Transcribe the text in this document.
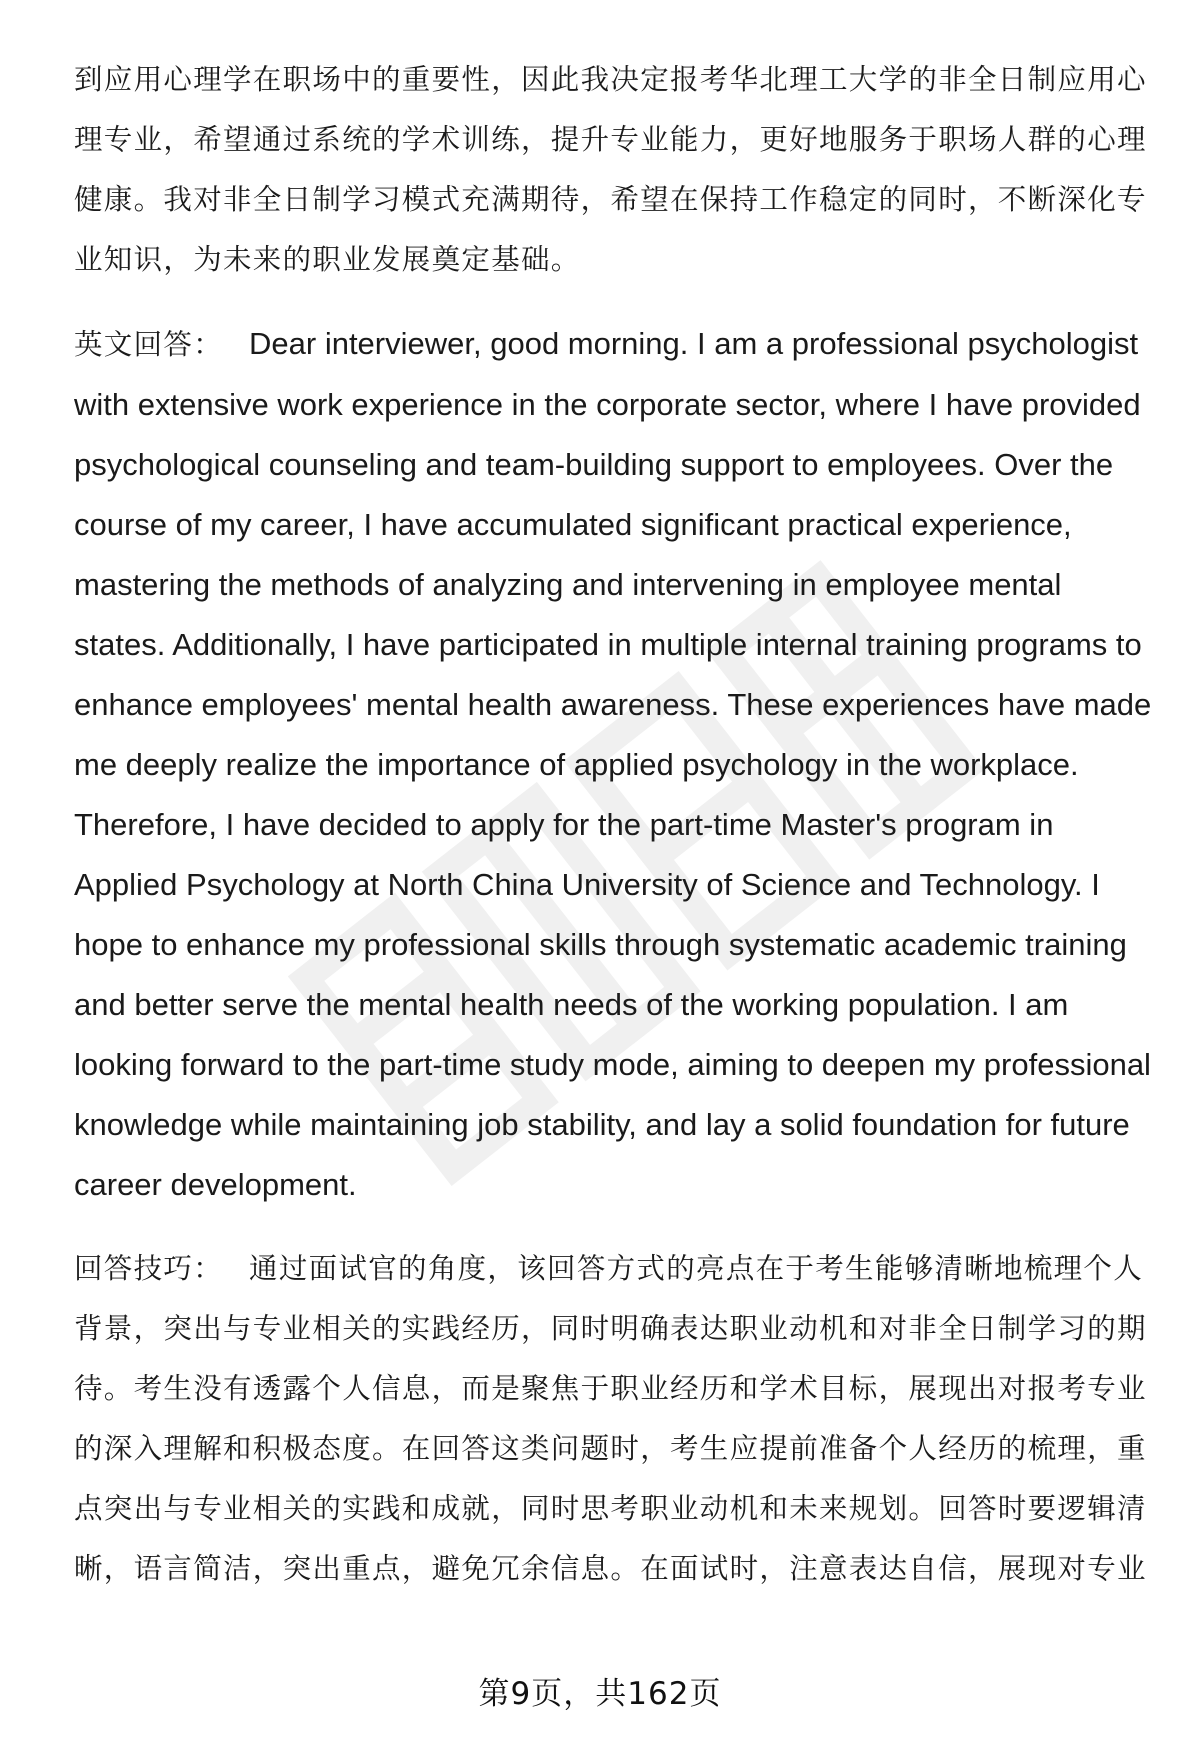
到应用心理学在职场中的重要性，因此我决定报考华北理工大学的非全日制应用心理专业，希望通过系统的学术训练，提升专业能力，更好地服务于职场人群的心理健康。我对非全日制学习模式充满期待，希望在保持工作稳定的同时，不断深化专业知识，为未来的职业发展奠定基础。

英文回答： Dear interviewer, good morning. I am a professional psychologist with extensive work experience in the corporate sector, where I have provided psychological counseling and team-building support to employees. Over the course of my career, I have accumulated significant practical experience, mastering the methods of analyzing and intervening in employee mental states. Additionally, I have participated in multiple internal training programs to enhance employees' mental health awareness. These experiences have made me deeply realize the importance of applied psychology in the workplace. Therefore, I have decided to apply for the part-time Master's program in Applied Psychology at North China University of Science and Technology. I hope to enhance my professional skills through systematic academic training and better serve the mental health needs of the working population. I am looking forward to the part-time study mode, aiming to deepen my professional knowledge while maintaining job stability, and lay a solid foundation for future career development.

回答技巧： 通过面试官的角度，该回答方式的亮点在于考生能够清晰地梳理个人背景，突出与专业相关的实践经历，同时明确表达职业动机和对非全日制学习的期待。考生没有透露个人信息，而是聚焦于职业经历和学术目标，展现出对报考专业的深入理解和积极态度。在回答这类问题时，考生应提前准备个人经历的梳理，重点突出与专业相关的实践和成就，同时思考职业动机和未来规划。回答时要逻辑清晰，语言简洁，突出重点，避免冗余信息。在面试时，注意表达自信，展现对专业

第9页，共162页
